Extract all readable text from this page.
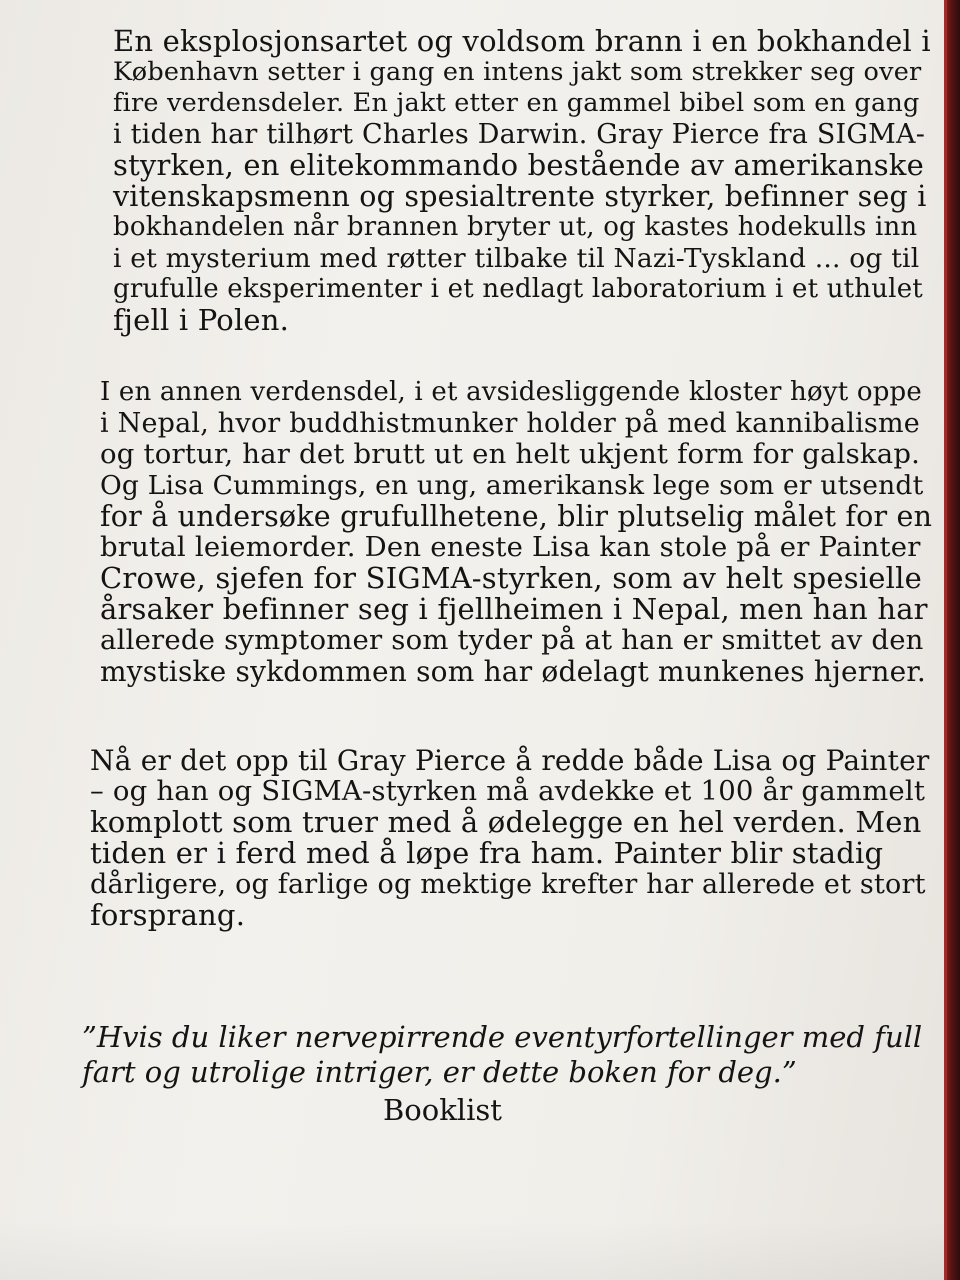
En eksplosjonsartet og voldsom brann i en bokhandel i

København setter i gang en intens jakt som strekker seg over

fire verdensdeler. En jakt etter en gammel bibel som en gang

i tiden har tilhørt Charles Darwin. Gray Pierce fra SIGMA-

styrken, en elitekommando bestående av amerikanske

vitenskapsmenn og spesialtrente styrker, befinner seg i

bokhandelen når brannen bryter ut, og kastes hodekulls inn

i et mysterium med røtter tilbake til Nazi-Tyskland ... og til

grufulle eksperimenter i et nedlagt laboratorium i et uthulet

fjell i Polen.

I en annen verdensdel, i et avsidesliggende kloster høyt oppe

i Nepal, hvor buddhistmunker holder på med kannibalisme

og tortur, har det brutt ut en helt ukjent form for galskap.

Og Lisa Cummings, en ung, amerikansk lege som er utsendt

for å undersøke grufullhetene, blir plutselig målet for en

brutal leiemorder. Den eneste Lisa kan stole på er Painter

Crowe, sjefen for SIGMA-styrken, som av helt spesielle

årsaker befinner seg i fjellheimen i Nepal, men han har

allerede symptomer som tyder på at han er smittet av den

mystiske sykdommen som har ødelagt munkenes hjerner.

Nå er det opp til Gray Pierce å redde både Lisa og Painter

– og han og SIGMA-styrken må avdekke et 100 år gammelt

komplott som truer med å ødelegge en hel verden. Men

tiden er i ferd med å løpe fra ham. Painter blir stadig

dårligere, og farlige og mektige krefter har allerede et stort

forsprang.

”Hvis du liker nervepirrende eventyrfortellinger med full

fart og utrolige intriger, er dette boken for deg.”

Booklist
